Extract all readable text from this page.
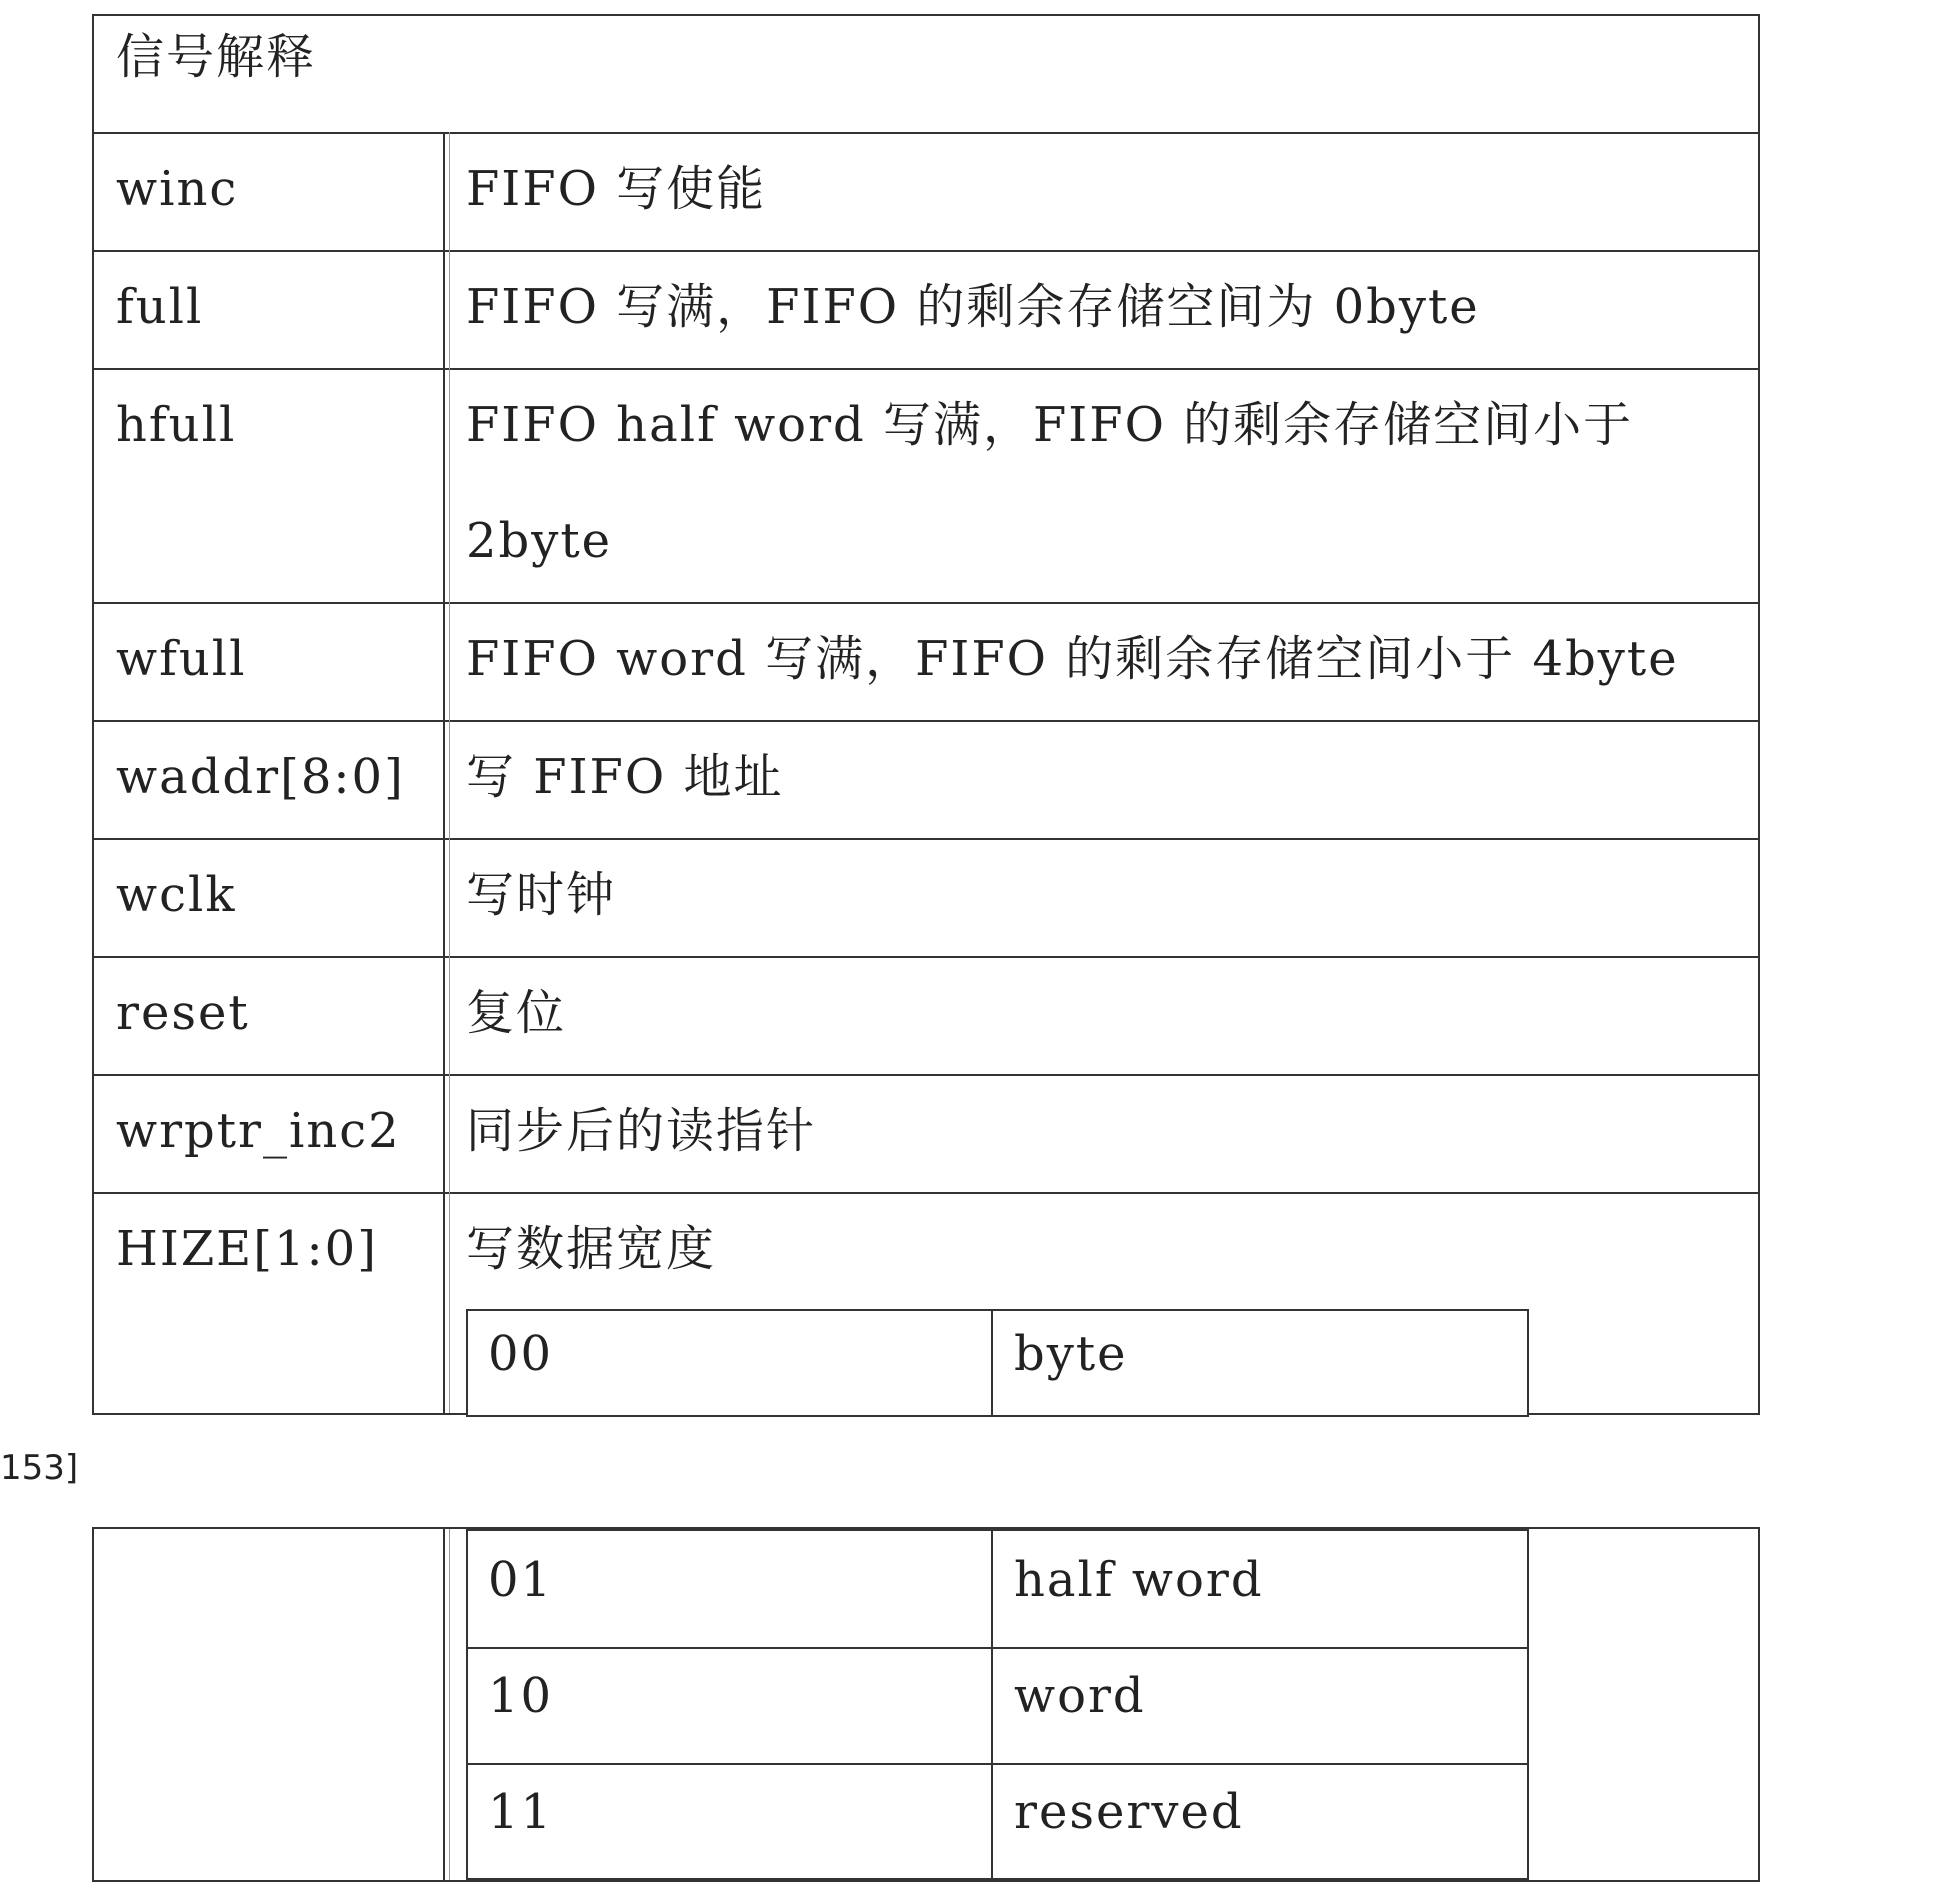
信号解释
winc	FIFO 写使能
full	FIFO 写满，FIFO 的剩余存储空间为 0byte
hfull	FIFO half word 写满，FIFO 的剩余存储空间小于
2byte
wfull	FIFO word 写满，FIFO 的剩余存储空间小于 4byte
waddr[8:0] 写 FIFO 地址
wclk	写时钟
reset	复位
wrptr_inc2 同步后的读指针
HIZE[1:0] 写数据宽度
00	byte
153]
01	half word
10	word
11	reserved
